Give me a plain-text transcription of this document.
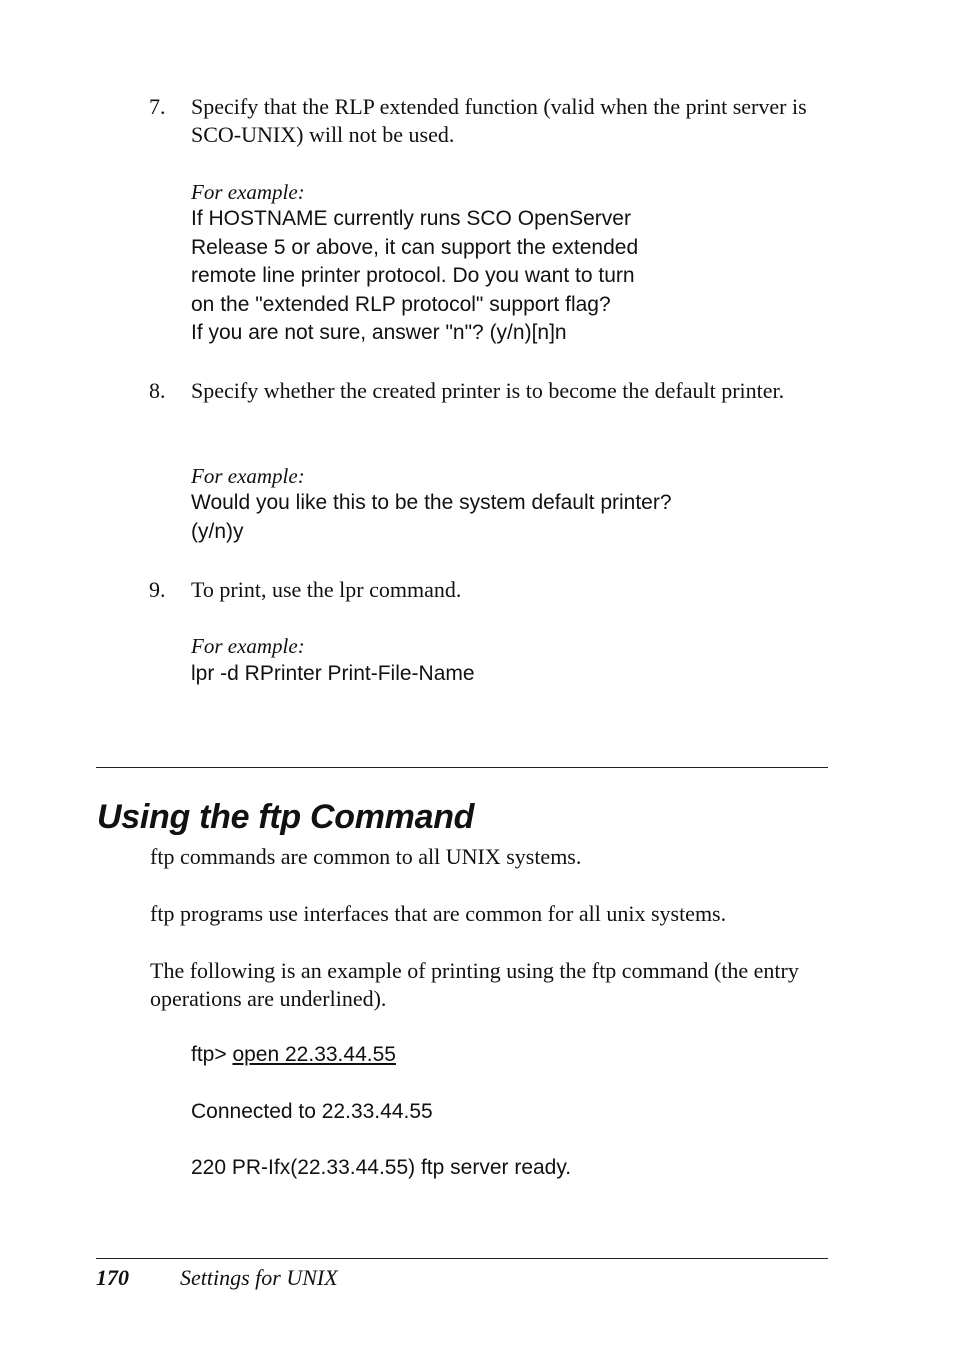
7. Specify that the RLP extended function (valid when the print server is SCO-UNIX) will not be used.
For example:
If HOSTNAME currently runs SCO OpenServer
Release 5 or above, it can support the extended
remote line printer protocol. Do you want to turn
on the "extended RLP protocol" support flag?
If you are not sure, answer "n"? (y/n)[n]n
8. Specify whether the created printer is to become the default printer.
For example:
Would you like this to be the system default printer?
(y/n)y
9. To print, use the lpr command.
For example:
lpr -d RPrinter Print-File-Name
Using the ftp Command
ftp commands are common to all UNIX systems.
ftp programs use interfaces that are common for all unix systems.
The following is an example of printing using the ftp command (the entry operations are underlined).
ftp> open 22.33.44.55
Connected to 22.33.44.55
220 PR-Ifx(22.33.44.55) ftp server ready.
170 Settings for UNIX
